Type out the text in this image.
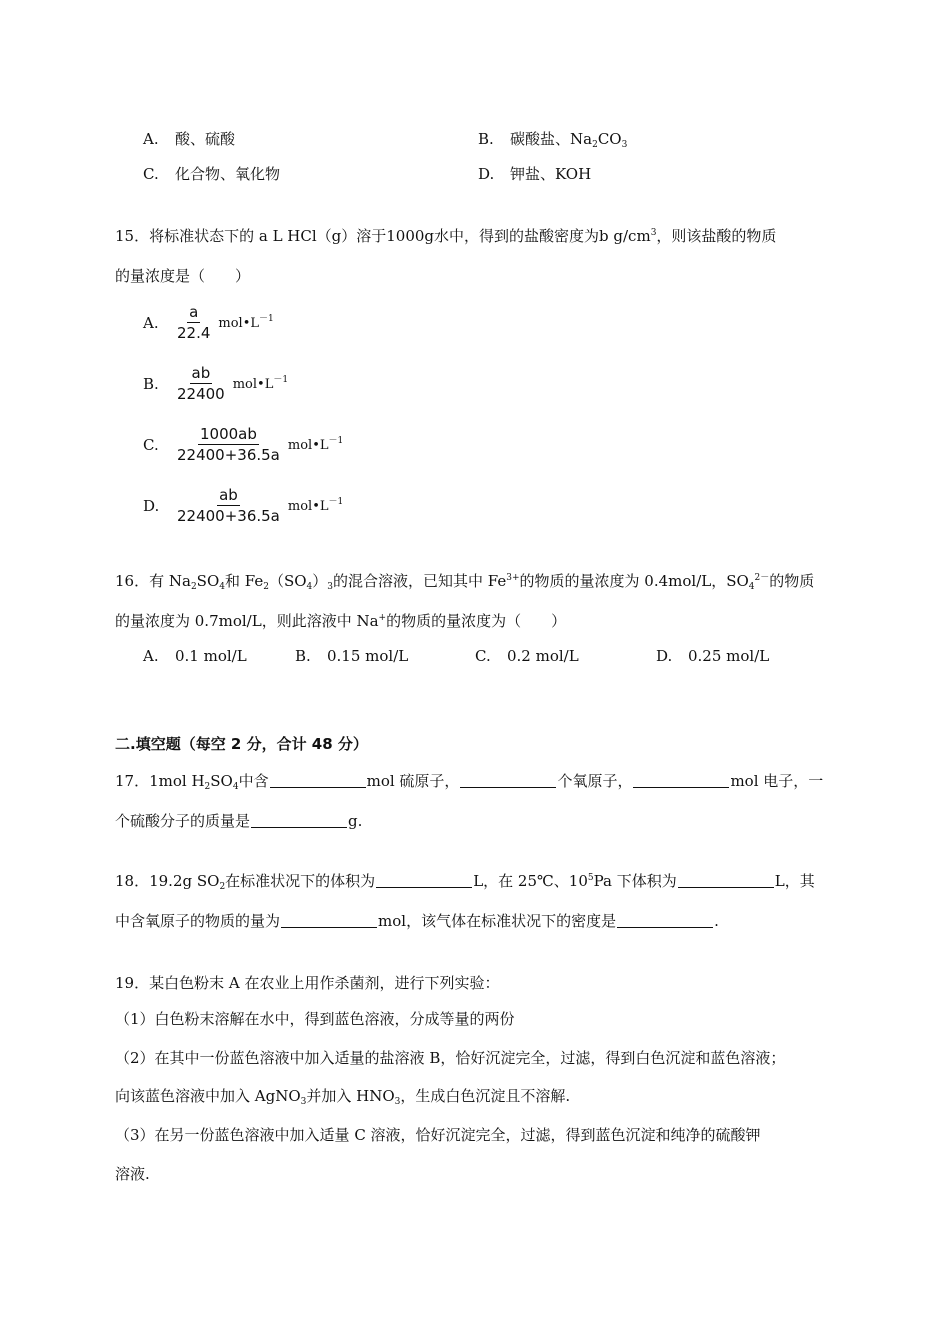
A. 酸、硫酸	B. 碳酸盐、$Na_2CO_3$
C. 化合物、氧化物	D. 钾盐、KOH
15．将标准状态下的 a L HCl（g）溶于1000g水中，得到的盐酸密度为b $g/cm^3$，则该盐酸的物质
的量浓度是（　　）
A. $\frac{a}{22.4}$ $mol•L^{-1}$
B. $\frac{ab}{22400}$ $mol•L^{-1}$
C. $\frac{1000ab}{22400+36.5a}$ $mol•L^{-1}$
D. $\frac{ab}{22400+36.5a}$ $mol•L^{-1}$
16．有 $Na_2SO_4$和 $Fe_2(SO_4)_3$的混合溶液，已知其中 $Fe^{3+}$的物质的量浓度为 0.4mol/L，$SO_4^{2-}$的物质
的量浓度为 0.7mol/L，则此溶液中 Na+的物质的量浓度为（　　）
A. 0.1 mol/L	B. 0.15 mol/L	C. 0.2 mol/L	D. 0.25 mol/L
二.填空题（每空 2 分，合计 48 分）
17．1mol $H_2SO_4$中含	mol 硫原子，	个氧原子，	mol 电子，一
个硫酸分子的质量是	g.
18．19.2g $SO_2$在标准状况下的体积为	L，在 25℃、$10^5Pa$ 下体积为	L，其
中含氧原子的物质的量为	mol，该气体在标准状况下的密度是	.
19．某白色粉末 A 在农业上用作杀菌剂，进行下列实验：
（1）白色粉末溶解在水中，得到蓝色溶液，分成等量的两份
（2）在其中一份蓝色溶液中加入适量的盐溶液 B，恰好沉淀完全，过滤，得到白色沉淀和蓝色溶液；
向该蓝色溶液中加入 AgNO$_3$并加入 $HNO_3$，生成白色沉淀且不溶解.
（3）在另一份蓝色溶液中加入适量 C 溶液，恰好沉淀完全，过滤，得到蓝色沉淀和纯净的硫酸钾
溶液.
